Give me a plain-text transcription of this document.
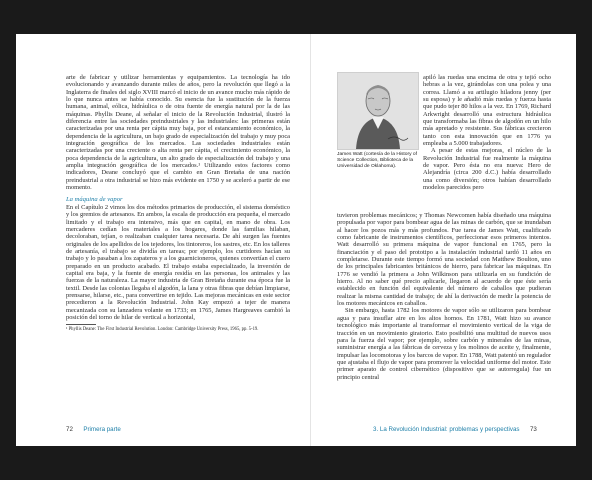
arte de fabricar y utilizar herramientas y equipamientos. La tecnología ha ido evolucionando y avanzando durante miles de años, pero la revolución que llegó a la Inglaterra de finales del siglo XVIII marcó el inicio de un avance mucho más rápido de lo que nunca antes se había conocido. Su esencia fue la sustitución de la fuerza humana, animal, eólica, hidráulica o de otra fuente de energía natural por la de las máquinas. Phyllis Deane, al señalar el inicio de la Revolución Industrial, ilustró la diferencia entre las sociedades preindustriales y las industriales: las primeras están caracterizadas por una renta per cápita muy baja, por el estancamiento económico, la dependencia de la agricultura, un bajo grado de especialización del trabajo y muy poca integración geográfica de los mercados. Las sociedades industriales están caracterizadas por una creciente o alta renta per cápita, el crecimiento económico, la poca dependencia de la agricultura, un alto grado de especialización del trabajo y una amplia integración geográfica de los mercados.¹ Utilizando estos factores como indicadores, Deane concluyó que el cambio en Gran Bretaña de una nación preindustrial a otra industrial se hizo más evidente en 1750 y se aceleró a partir de ese momento.

La máquina de vapor

En el Capítulo 2 vimos los dos métodos primarios de producción, el sistema doméstico y los gremios de artesanos. En ambos, la escala de producción era pequeña, el mercado limitado y el trabajo era intensivo, más que en capital, en mano de obra. Los mercaderes cedían los materiales a los hogares, donde las familias hilaban, decoloraban, tejían, o realizaban cualquier tarea necesaria. De ahí surgen las fuentes originales de los apellidos de los tejedores, los tintoreros, los sastres, etc. En los talleres de artesanía, el trabajo se dividía en tareas; por ejemplo, los curtidores hacían su trabajo y lo pasaban a los zapateros y a los guarnicioneros, quienes convertían el cuero preparado en un producto acabado. El trabajo estaba especializado, la inversión de capital era baja, y la fuente de energía residía en las personas, los animales y las fuerzas de la naturaleza. La mayor industria de Gran Bretaña durante esa época fue la textil. Desde las colonias llegaba el algodón, la lana y otras fibras que debían limpiarse, prensarse, hilarse, etc., para convertirse en tejido. Las mejoras mecánicas en este sector precedieron a la Revolución Industrial. John Kay empezó a tejer de manera mecanizada con su lanzadera volante en 1733; en 1765, James Hargreaves cambió la posición del torno de hilar de vertical a horizontal,

¹ Phyllis Deane: The First Industrial Revolution. London: Cambridge University Press, 1965, pp. 5-19.
72 Primera parte
James Watt (cortesía de la History of Science Collection, Biblioteca de la Universidad de Oklahoma).

apiló las ruedas una encima de otra y tejió ocho hebras a la vez, girándolas con una polea y una correa. Llamó a su artilugio hiladora jenny (per su esposa) y le añadió más ruedas y fuerza hasta que pudo tejer 80 hilos a la vez. En 1769, Richard Arkwright desarrolló una estructura hidráulica que transformaba las fibras de algodón en un hilo más apretado y resistente. Sus fábricas crecieron tanto con esta innovación que en 1776 ya empleaba a 5.000 trabajadores.

A pesar de estas mejoras, el núcleo de la Revolución Industrial fue realmente la máquina de vapor. Pero ésta no era nueva: Hero de Alejandría (circa 200 d.C.) había desarrollado una como diversión; otros habían desarrollado modelos parecidos pero

tuvieron problemas mecánicos; y Thomas Newcomen había diseñado una máquina propulsada por vapor para bombear agua de las minas de carbón, que se inundaban al hacer los pozos más y más profundos. Fue tarea de James Watt, cualificado como fabricante de instrumentos científicos, perfeccionar esos primeros intentos. Watt desarrolló su primera máquina de vapor funcional en 1765, pero la financiación y el paso del prototipo a la instalación industrial tardó 11 años en completarse. Durante este tiempo formó una sociedad con Matthew Boulton, uno de los principales fabricantes británicos de hierro, para fabricar las máquinas. En 1776 se vendió la primera a John Wilkinson para utilizarla en su fundición de hierro. Al no saber qué precio aplicarle, llegaron al acuerdo de que éste sería establecido en función del equivalente del número de caballos que pudieran realizar la misma cantidad de trabajo; de ahí la derivación de medir la potencia de los motores mecánicos en caballos.

Sin embargo, hasta 1782 los motores de vapor sólo se utilizaron para bombear agua y para insuflar aire en los altos hornos. En 1781, Watt hizo su avance tecnológico más importante al transformar el movimiento vertical de la viga de tracción en un movimiento giratorio. Esto posibilitó una multitud de nuevos usos para la fuerza del vapor; por ejemplo, sobre carbón y minerales de las minas, suministrar energía a las fábricas de cerveza y los molinos de aceite y, finalmente, impulsar las locomotoras y los barcos de vapor. En 1788, Watt patentó un regulador que ajustaba el flujo de vapor para promover la velocidad uniforme del motor. Este primer aparato de control cibernético (dispositivo que se autorregula) fue un principio central

3. La Revolución Industrial: problemas y perspectivas 73
